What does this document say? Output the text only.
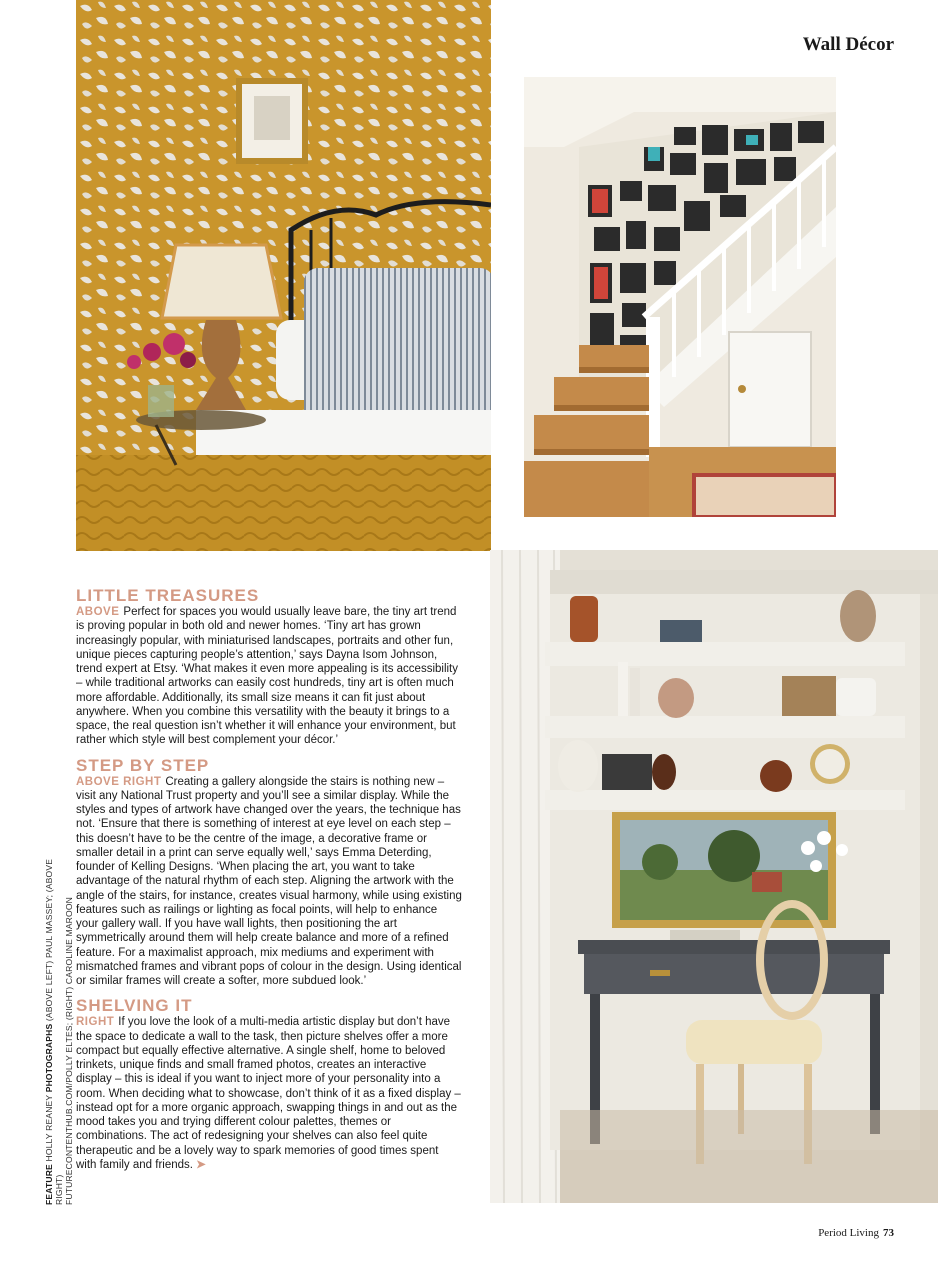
Wall Décor
LITTLE TREASURES

ABOVE Perfect for spaces you would usually leave bare, the tiny art trend is proving popular in both old and newer homes. ‘Tiny art has grown increasingly popular, with miniaturised landscapes, portraits and other fun, unique pieces capturing people’s attention,’ says Dayna Isom Johnson, trend expert at Etsy. ‘What makes it even more appealing is its accessibility – while traditional artworks can easily cost hundreds, tiny art is often much more affordable. Additionally, its small size means it can fit just about anywhere. When you combine this versatility with the beauty it brings to a space, the real question isn’t whether it will enhance your environment, but rather which style will best complement your décor.’

STEP BY STEP

ABOVE RIGHT Creating a gallery alongside the stairs is nothing new – visit any National Trust property and you’ll see a similar display. While the styles and types of artwork have changed over the years, the technique has not. ‘Ensure that there is something of interest at eye level on each step – this doesn’t have to be the centre of the image, a decorative frame or smaller detail in a print can serve equally well,’ says Emma Deterding, founder of Kelling Designs. ‘When placing the art, you want to take advantage of the natural rhythm of each step. Aligning the artwork with the angle of the stairs, for instance, creates visual harmony, while using existing features such as railings or lighting as focal points, will help to enhance your gallery wall. If you have wall lights, then positioning the art symmetrically around them will help create balance and more of a refined feature. For a maximalist approach, mix mediums and experiment with mismatched frames and vibrant pops of colour in the design. Using identical or similar frames will create a softer, more subdued look.’

SHELVING IT

RIGHT If you love the look of a multi-media artistic display but don’t have the space to dedicate a wall to the task, then picture shelves offer a more compact but equally effective alternative. A single shelf, home to beloved trinkets, unique finds and small framed photos, creates an interactive display – this is ideal if you want to inject more of your personality into a room. When deciding what to showcase, don’t think of it as a fixed display – instead opt for a more organic approach, swapping things in and out as the mood takes you and trying different colour palettes, themes or combinations. The act of redesigning your shelves can also feel quite therapeutic and be a lovely way to spark memories of good times spent with family and friends. ➤

FEATURE HOLLY REANEY PHOTOGRAPHS (ABOVE LEFT) PAUL MASSEY; (ABOVE RIGHT) FUTURECONTENTHUB.COM/POLLY ELTES; (RIGHT) CAROLINE MAROON
Period Living 73
